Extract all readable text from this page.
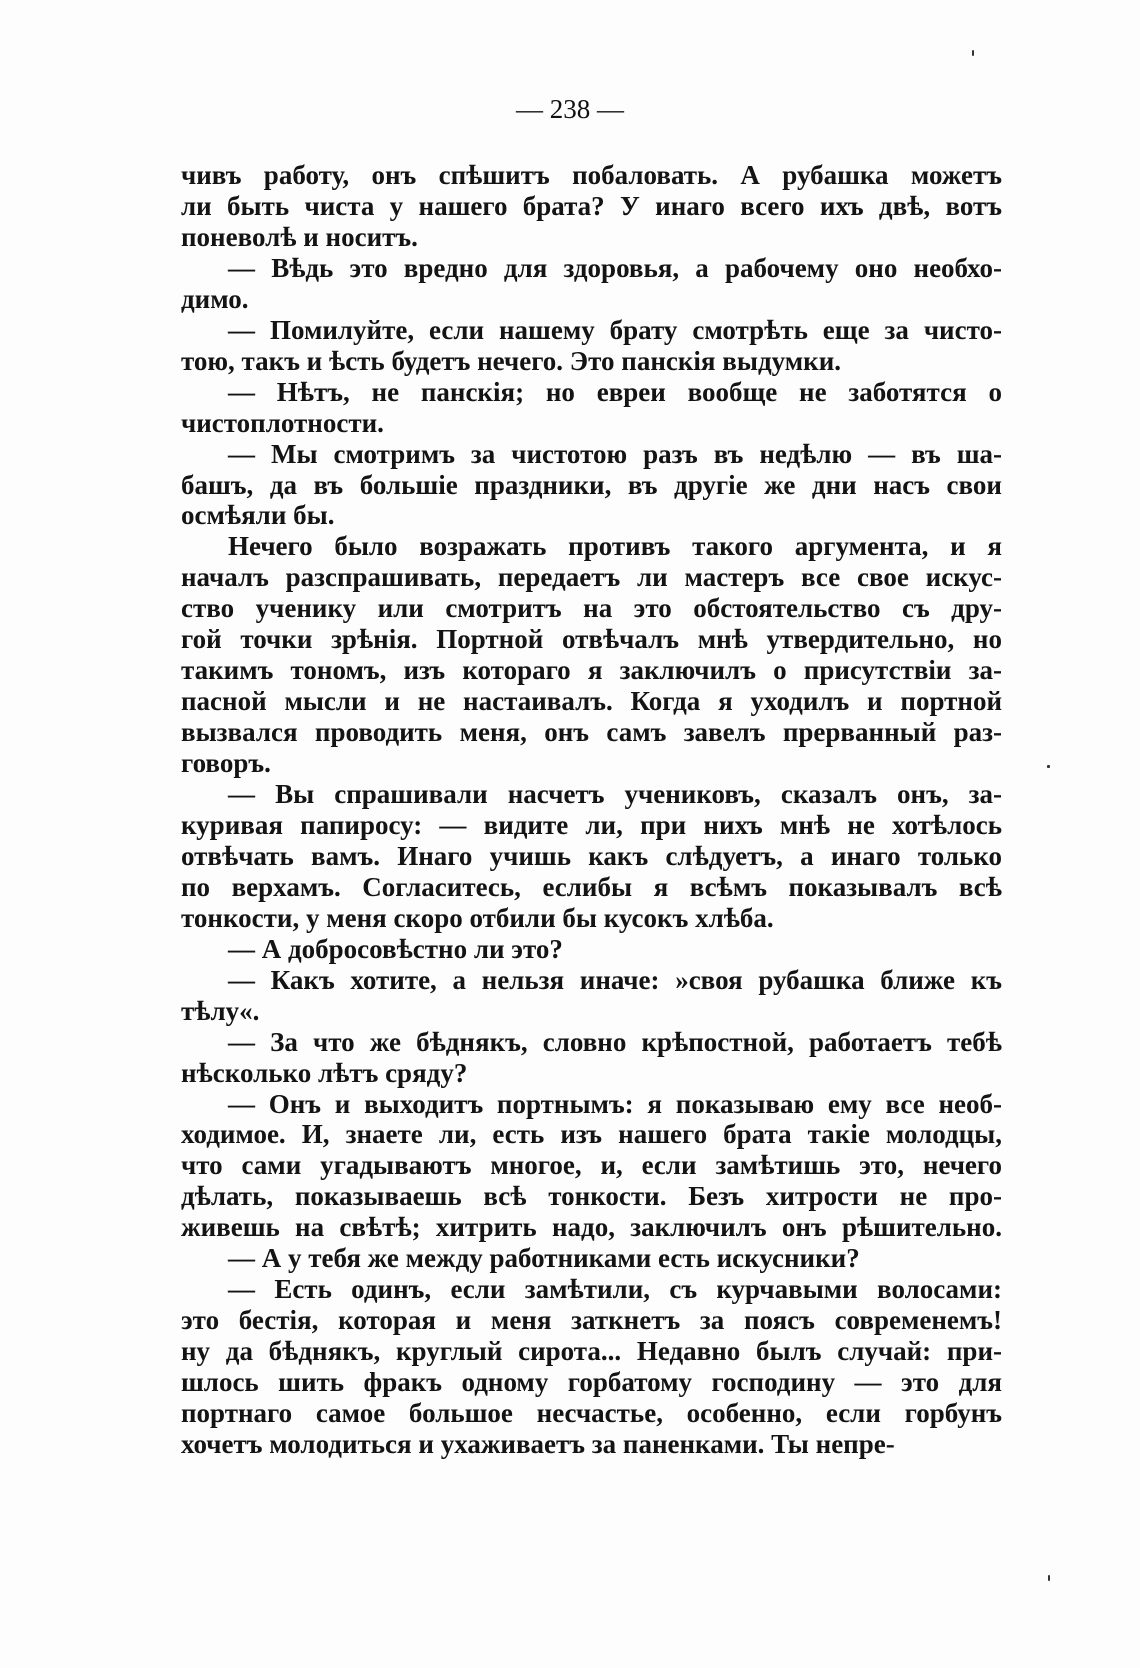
— 238 —
чивъ работу, онъ спѣшитъ побаловать. А рубашка можетъ
ли быть чиста у нашего брата? У инаго всего ихъ двѣ, вотъ
поневолѣ и носитъ.
— Вѣдь это вредно для здоровья, а рабочему оно необхо-
димо.
— Помилуйте, если нашему брату смотрѣть еще за чисто-
тою, такъ и ѣсть будетъ нечего. Это панскія выдумки.
— Нѣтъ, не панскія; но евреи вообще не заботятся о
чистоплотности.
— Мы смотримъ за чистотою разъ въ недѣлю — въ ша-
башъ, да въ большіе праздники, въ другіе же дни насъ свои
осмѣяли бы.
Нечего было возражать противъ такого аргумента, и я
началъ разспрашивать, передаетъ ли мастеръ все свое искус-
ство ученику или смотритъ на это обстоятельство съ дру-
гой точки зрѣнія. Портной отвѣчалъ мнѣ утвердительно, но
такимъ тономъ, изъ котораго я заключилъ о присутствіи за-
пасной мысли и не настаивалъ. Когда я уходилъ и портной
вызвался проводить меня, онъ самъ завелъ прерванный раз-
говоръ.
— Вы спрашивали насчетъ учениковъ, сказалъ онъ, за-
куривая папиросу: — видите ли, при нихъ мнѣ не хотѣлось
отвѣчать вамъ. Инаго учишь какъ слѣдуетъ, а инаго только
по верхамъ. Согласитесь, еслибы я всѣмъ показывалъ всѣ
тонкости, у меня скоро отбили бы кусокъ хлѣба.
— А добросовѣстно ли это?
— Какъ хотите, а нельзя иначе: »своя рубашка ближе къ
тѣлу«.
— За что же бѣднякъ, словно крѣпостной, работаетъ тебѣ
нѣсколько лѣтъ сряду?
— Онъ и выходитъ портнымъ: я показываю ему все необ-
ходимое. И, знаете ли, есть изъ нашего брата такіе молодцы,
что сами угадываютъ многое, и, если замѣтишь это, нечего
дѣлать, показываешь всѣ тонкости. Безъ хитрости не про-
живешь на свѣтѣ; хитрить надо, заключилъ онъ рѣшительно.
— А у тебя же между работниками есть искусники?
— Есть одинъ, если замѣтили, съ курчавыми волосами:
это бестія, которая и меня заткнетъ за поясъ современемъ!
ну да бѣднякъ, круглый сирота... Недавно былъ случай: при-
шлось шить фракъ одному горбатому господину — это для
портнаго самое большое несчастье, особенно, если горбунъ
хочетъ молодиться и ухаживаетъ за паненками. Ты непре-
